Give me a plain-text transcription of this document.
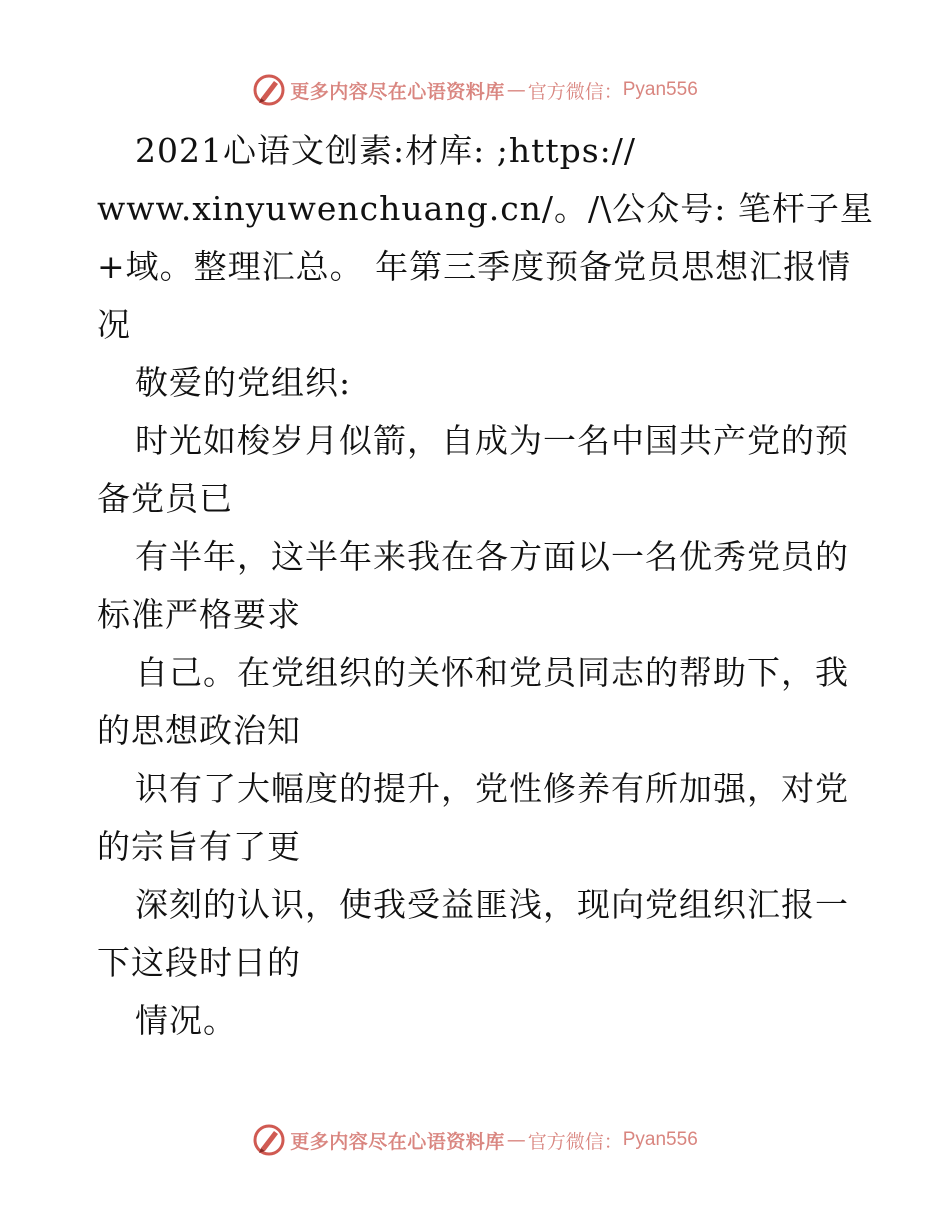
更多内容尽在心语资料库 — 官方微信： Pyan556
2021心语文创素:材库: ;https://
www.xinyuwenchuang.cn/。/\公众号: 笔杆子星
+域。整理汇总。 年第三季度预备党员思想汇报情
况
敬爱的党组织:
时光如梭岁月似箭，自成为一名中国共产党的预
备党员已
有半年，这半年来我在各方面以一名优秀党员的
标准严格要求
自己。在党组织的关怀和党员同志的帮助下，我
的思想政治知
识有了大幅度的提升，党性修养有所加强，对党
的宗旨有了更
深刻的认识，使我受益匪浅，现向党组织汇报一
下这段时日的
情况。
更多内容尽在心语资料库 — 官方微信： Pyan556
